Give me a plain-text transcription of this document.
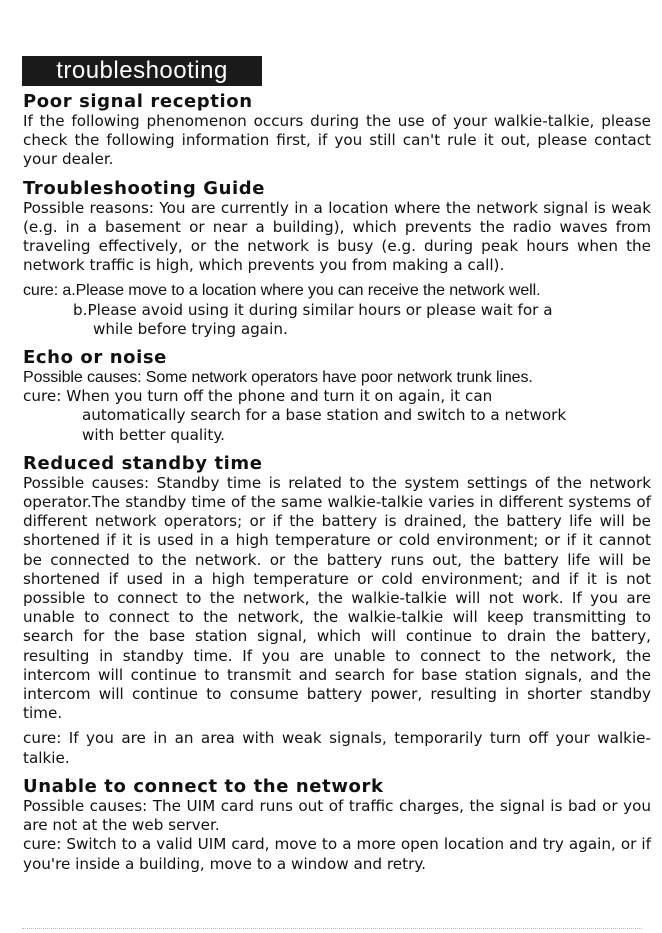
troubleshooting
Poor signal reception

If the following phenomenon occurs during the use of your walkie-talkie, please check the following information first, if you still can't rule it out, please contact your dealer.

Troubleshooting Guide

Possible reasons: You are currently in a location where the network signal is weak (e.g. in a basement or near a building), which prevents the radio waves from traveling effectively, or the network is busy (e.g. during peak hours when the network traffic is high, which prevents you from making a call).

cure: a.Please move to a location where you can receive the network well.

b.Please avoid using it during similar hours or please wait for a

while before trying again.

Echo or noise

Possible causes: Some network operators have poor network trunk lines.

cure: When you turn off the phone and turn it on again, it can

automatically search for a base station and switch to a network

with better quality.

Reduced standby time

Possible causes: Standby time is related to the system settings of the network operator.The standby time of the same walkie-talkie varies in different systems of different network operators; or if the battery is drained, the battery life will be shortened if it is used in a high temperature or cold environment; or if it cannot be connected to the network. or the battery runs out, the battery life will be shortened if used in a high temperature or cold environment; and if it is not possible to connect to the network, the walkie-talkie will not work. If you are unable to connect to the network, the walkie-talkie will keep transmitting to search for the base station signal, which will continue to drain the battery, resulting in standby time. If you are unable to connect to the network, the intercom will continue to transmit and search for base station signals, and the intercom will continue to consume battery power, resulting in shorter standby time.

cure: If you are in an area with weak signals, temporarily turn off your walkie-talkie.

Unable to connect to the network

Possible causes: The UIM card runs out of traffic charges, the signal is bad or you are not at the web server.

cure: Switch to a valid UIM card, move to a more open location and try again, or if you're inside a building, move to a window and retry.
